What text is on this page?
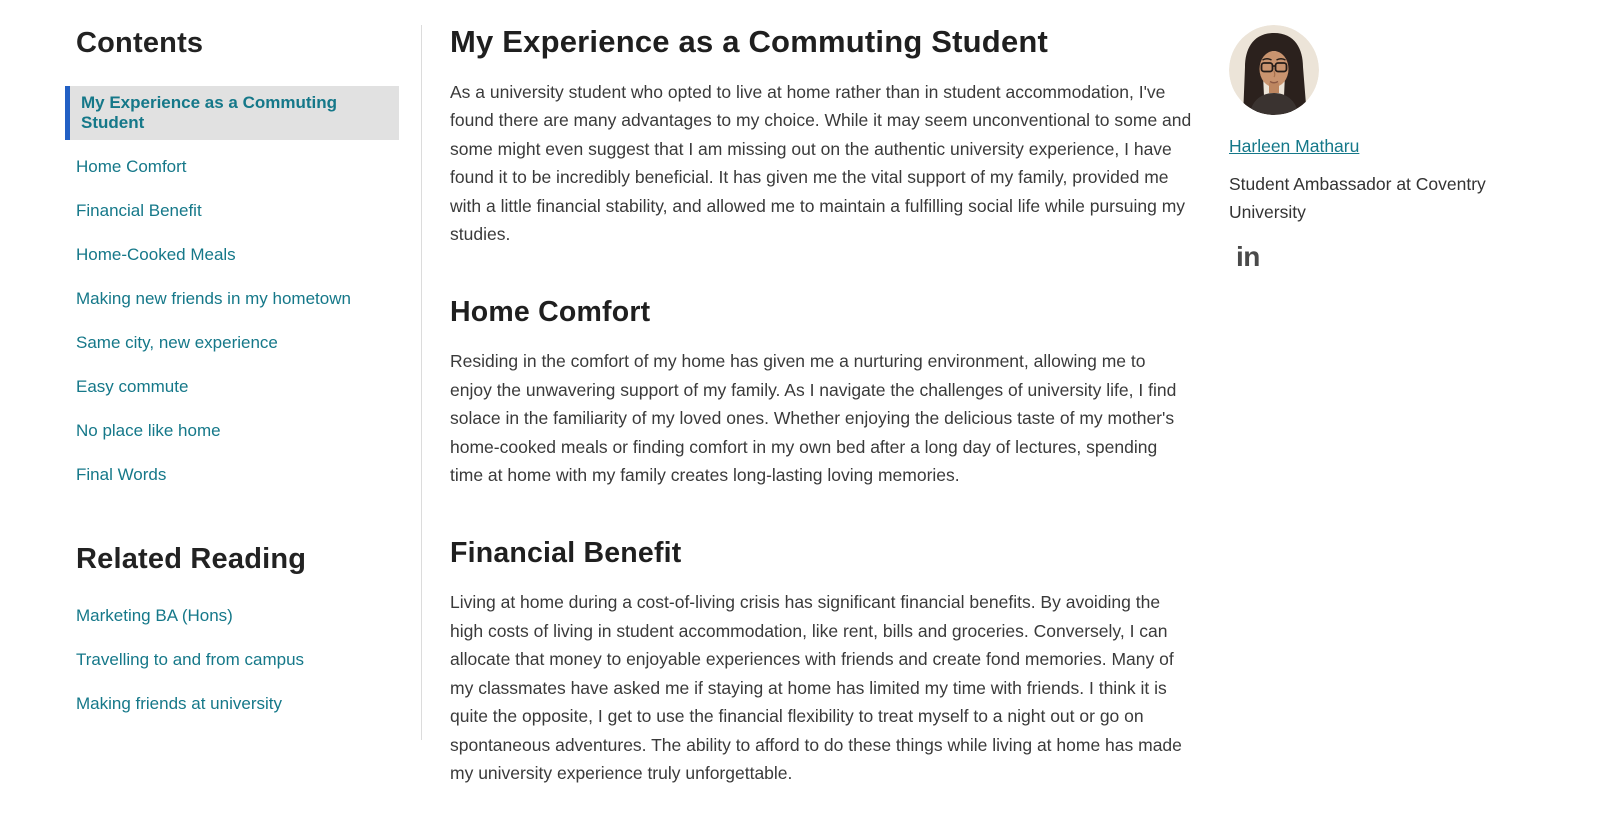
Contents
My Experience as a Commuting Student
Home Comfort
Financial Benefit
Home-Cooked Meals
Making new friends in my hometown
Same city, new experience
Easy commute
No place like home
Final Words
Related Reading
Marketing BA (Hons)
Travelling to and from campus
Making friends at university
My Experience as a Commuting Student

As a university student who opted to live at home rather than in student accommodation, I've found there are many advantages to my choice. While it may seem unconventional to some and some might even suggest that I am missing out on the authentic university experience, I have found it to be incredibly beneficial. It has given me the vital support of my family, provided me with a little financial stability, and allowed me to maintain a fulfilling social life while pursuing my studies.

Home Comfort

Residing in the comfort of my home has given me a nurturing environment, allowing me to enjoy the unwavering support of my family. As I navigate the challenges of university life, I find solace in the familiarity of my loved ones. Whether enjoying the delicious taste of my mother's home-cooked meals or finding comfort in my own bed after a long day of lectures, spending time at home with my family creates long-lasting loving memories.

Financial Benefit

Living at home during a cost-of-living crisis has significant financial benefits. By avoiding the high costs of living in student accommodation, like rent, bills and groceries. Conversely, I can allocate that money to enjoyable experiences with friends and create fond memories. Many of my classmates have asked me if staying at home has limited my time with friends. I think it is quite the opposite, I get to use the financial flexibility to treat myself to a night out or go on spontaneous adventures. The ability to afford to do these things while living at home has made my university experience truly unforgettable.

Harleen Matharu
Student Ambassador at Coventry University
in
